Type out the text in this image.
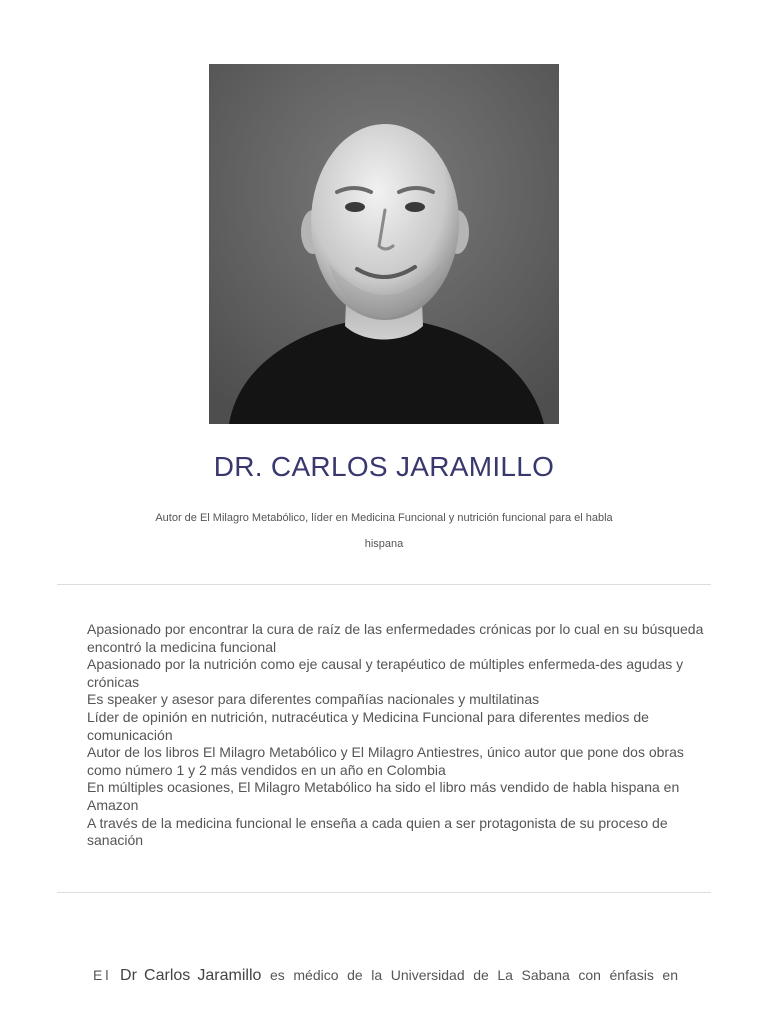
DR. CARLOS JARAMILLO
Autor de El Milagro Metabólico, líder en Medicina Funcional y nutrición funcional para el habla
hispana
Apasionado por encontrar la cura de raíz de las enfermedades crónicas por lo cual en su búsqueda encontró la medicina funcional
Apasionado por la nutrición como eje causal y terapéutico de múltiples enfermeda-des agudas y crónicas
Es speaker y asesor para diferentes compañías nacionales y multilatinas
Líder de opinión en nutrición, nutracéutica y Medicina Funcional para diferentes medios de comunicación
Autor de los libros El Milagro Metabólico y El Milagro Antiestres, único autor que pone dos obras como número 1 y 2 más vendidos en un año en Colombia
En múltiples ocasiones, El Milagro Metabólico ha sido el libro más vendido de habla hispana en Amazon
A través de la medicina funcional le enseña a cada quien a ser protagonista de su proceso de sanación
El Dr Carlos Jaramillo es médico de la Universidad de La Sabana con énfasis en
